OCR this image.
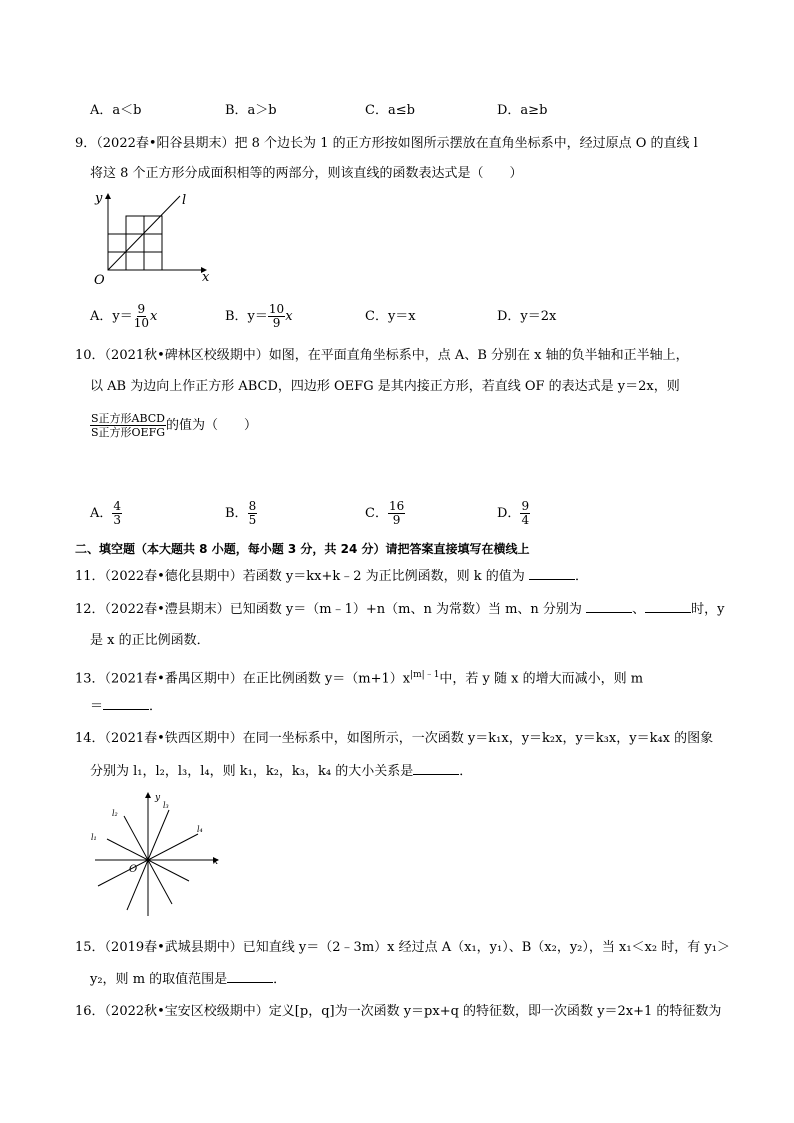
A．a＜b	B．a＞b	C．a≤b	D．a≥b
9．（2022春•阳谷县期末）把 8 个边长为 1 的正方形按如图所示摆放在直角坐标系中，经过原点 O 的直线 l
将这 8 个正方形分成面积相等的两部分，则该直线的函数表达式是（　　）
y
x
O
l
A．$y= \frac{9}{10}$ x	B．$y= \frac{10}{9}$ x	C．y＝x	D．y＝2x
10．（2021秋•碑林区校级期中）如图，在平面直角坐标系中，点 A、B 分别在 x 轴的负半轴和正半轴上，
以 AB 为边向上作正方形 ABCD，四边形 OEFG 是其内接正方形，若直线 OF 的表达式是 y＝2x，则
$\frac{\text{S正方形ABCD}}{\text{S正方形OEFG}}$ 的值为（　　）
A． $\frac{4}{3}$	B． $\frac{8}{5}$	C． $\frac{16}{9}$	D． $\frac{9}{4}$
二、填空题（本大题共 8 小题，每小题 3 分，共 24 分）请把答案直接填写在横线上
11．（2022春•德化县期中）若函数 y＝kx+k﹣2 为正比例函数，则 k 的值为	．
12．（2022春•澧县期末）已知函数 y＝（m﹣1）+n（m、n 为常数）当 m、n 分别为	、	时，y
是 x 的正比例函数．
13．（2021春•番禺区期中）在正比例函数 $y=(m+1)x^{|m|﹣1}$中，若 y 随 x 的增大而减小，则 m
＝	．
14．（2021春•铁西区期中）在同一坐标系中，如图所示，一次函数 y＝k₁x，y＝k₂x，y＝k₃x，y＝k₄x 的图象
分别为 l₁，l₂，l₃，l₄，则 k₁，k₂，k₃，k₄ 的大小关系是	．
y
x
O
l₁
l₂
l₃
l₄
15．（2019春•武城县期中）已知直线 y＝（2﹣3m）x 经过点 A（x₁，y₁）、B（x₂，y₂），当 x₁＜x₂ 时，有 y₁＞
y₂，则 m 的取值范围是	．
16．（2022秋•宝安区校级期中）定义[p，q]为一次函数 y＝px+q 的特征数，即一次函数 y＝2x+1 的特征数为
